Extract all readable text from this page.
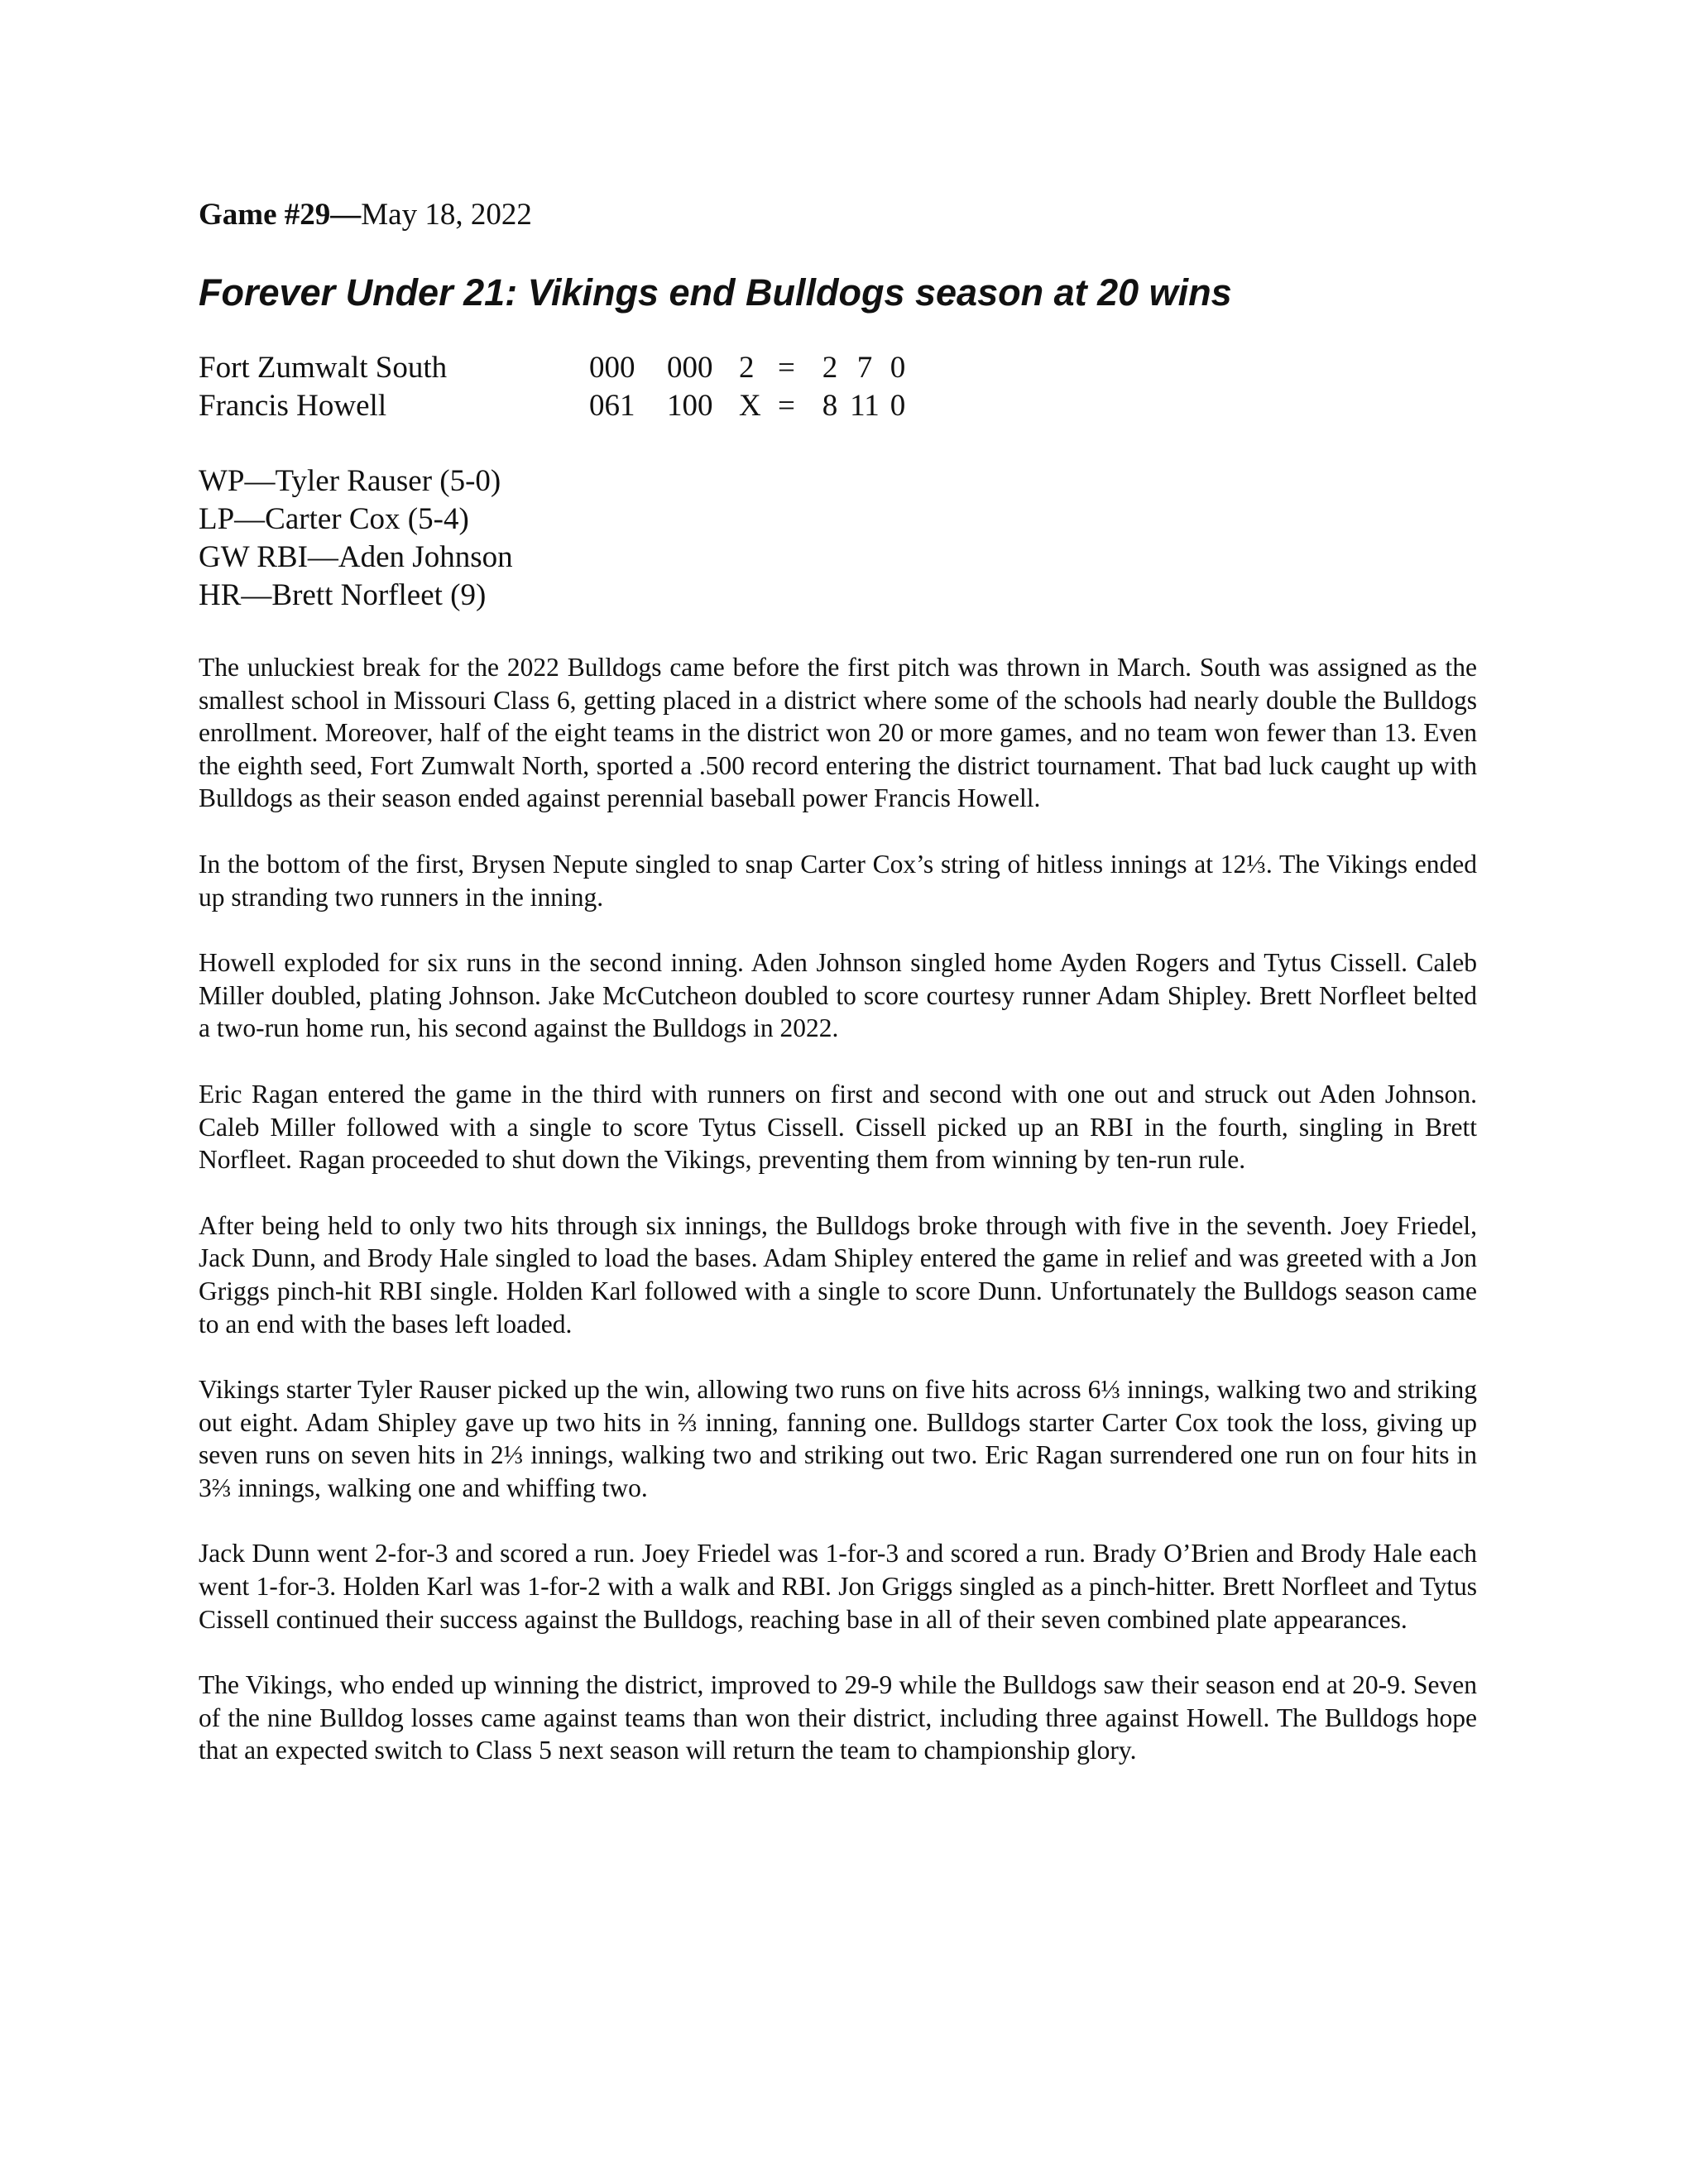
Game #29—May 18, 2022

Forever Under 21: Vikings end Bulldogs season at 20 wins
Fort Zumwalt South	000 000 2 = 2 7 0
Francis Howell	061 100 X = 8 11 0
WP—Tyler Rauser (5-0)
LP—Carter Cox (5-4)
GW RBI—Aden Johnson
HR—Brett Norfleet (9)

The unluckiest break for the 2022 Bulldogs came before the first pitch was thrown in March. South was assigned as the smallest school in Missouri Class 6, getting placed in a district where some of the schools had nearly double the Bulldogs enrollment. Moreover, half of the eight teams in the district won 20 or more games, and no team won fewer than 13. Even the eighth seed, Fort Zumwalt North, sported a .500 record entering the district tournament. That bad luck caught up with Bulldogs as their season ended against perennial baseball power Francis Howell.

In the bottom of the first, Brysen Nepute singled to snap Carter Cox’s string of hitless innings at 12⅓. The Vikings ended up stranding two runners in the inning.

Howell exploded for six runs in the second inning. Aden Johnson singled home Ayden Rogers and Tytus Cissell. Caleb Miller doubled, plating Johnson. Jake McCutcheon doubled to score courtesy runner Adam Shipley. Brett Norfleet belted a two-run home run, his second against the Bulldogs in 2022.

Eric Ragan entered the game in the third with runners on first and second with one out and struck out Aden Johnson. Caleb Miller followed with a single to score Tytus Cissell. Cissell picked up an RBI in the fourth, singling in Brett Norfleet. Ragan proceeded to shut down the Vikings, preventing them from winning by ten-run rule.

After being held to only two hits through six innings, the Bulldogs broke through with five in the seventh. Joey Friedel, Jack Dunn, and Brody Hale singled to load the bases. Adam Shipley entered the game in relief and was greeted with a Jon Griggs pinch-hit RBI single. Holden Karl followed with a single to score Dunn. Unfortunately the Bulldogs season came to an end with the bases left loaded.

Vikings starter Tyler Rauser picked up the win, allowing two runs on five hits across 6⅓ innings, walking two and striking out eight. Adam Shipley gave up two hits in ⅔ inning, fanning one. Bulldogs starter Carter Cox took the loss, giving up seven runs on seven hits in 2⅓ innings, walking two and striking out two. Eric Ragan surrendered one run on four hits in 3⅔ innings, walking one and whiffing two.

Jack Dunn went 2-for-3 and scored a run. Joey Friedel was 1-for-3 and scored a run. Brady O’Brien and Brody Hale each went 1-for-3. Holden Karl was 1-for-2 with a walk and RBI. Jon Griggs singled as a pinch-hitter. Brett Norfleet and Tytus Cissell continued their success against the Bulldogs, reaching base in all of their seven combined plate appearances.

The Vikings, who ended up winning the district, improved to 29-9 while the Bulldogs saw their season end at 20-9. Seven of the nine Bulldog losses came against teams than won their district, including three against Howell. The Bulldogs hope that an expected switch to Class 5 next season will return the team to championship glory.
